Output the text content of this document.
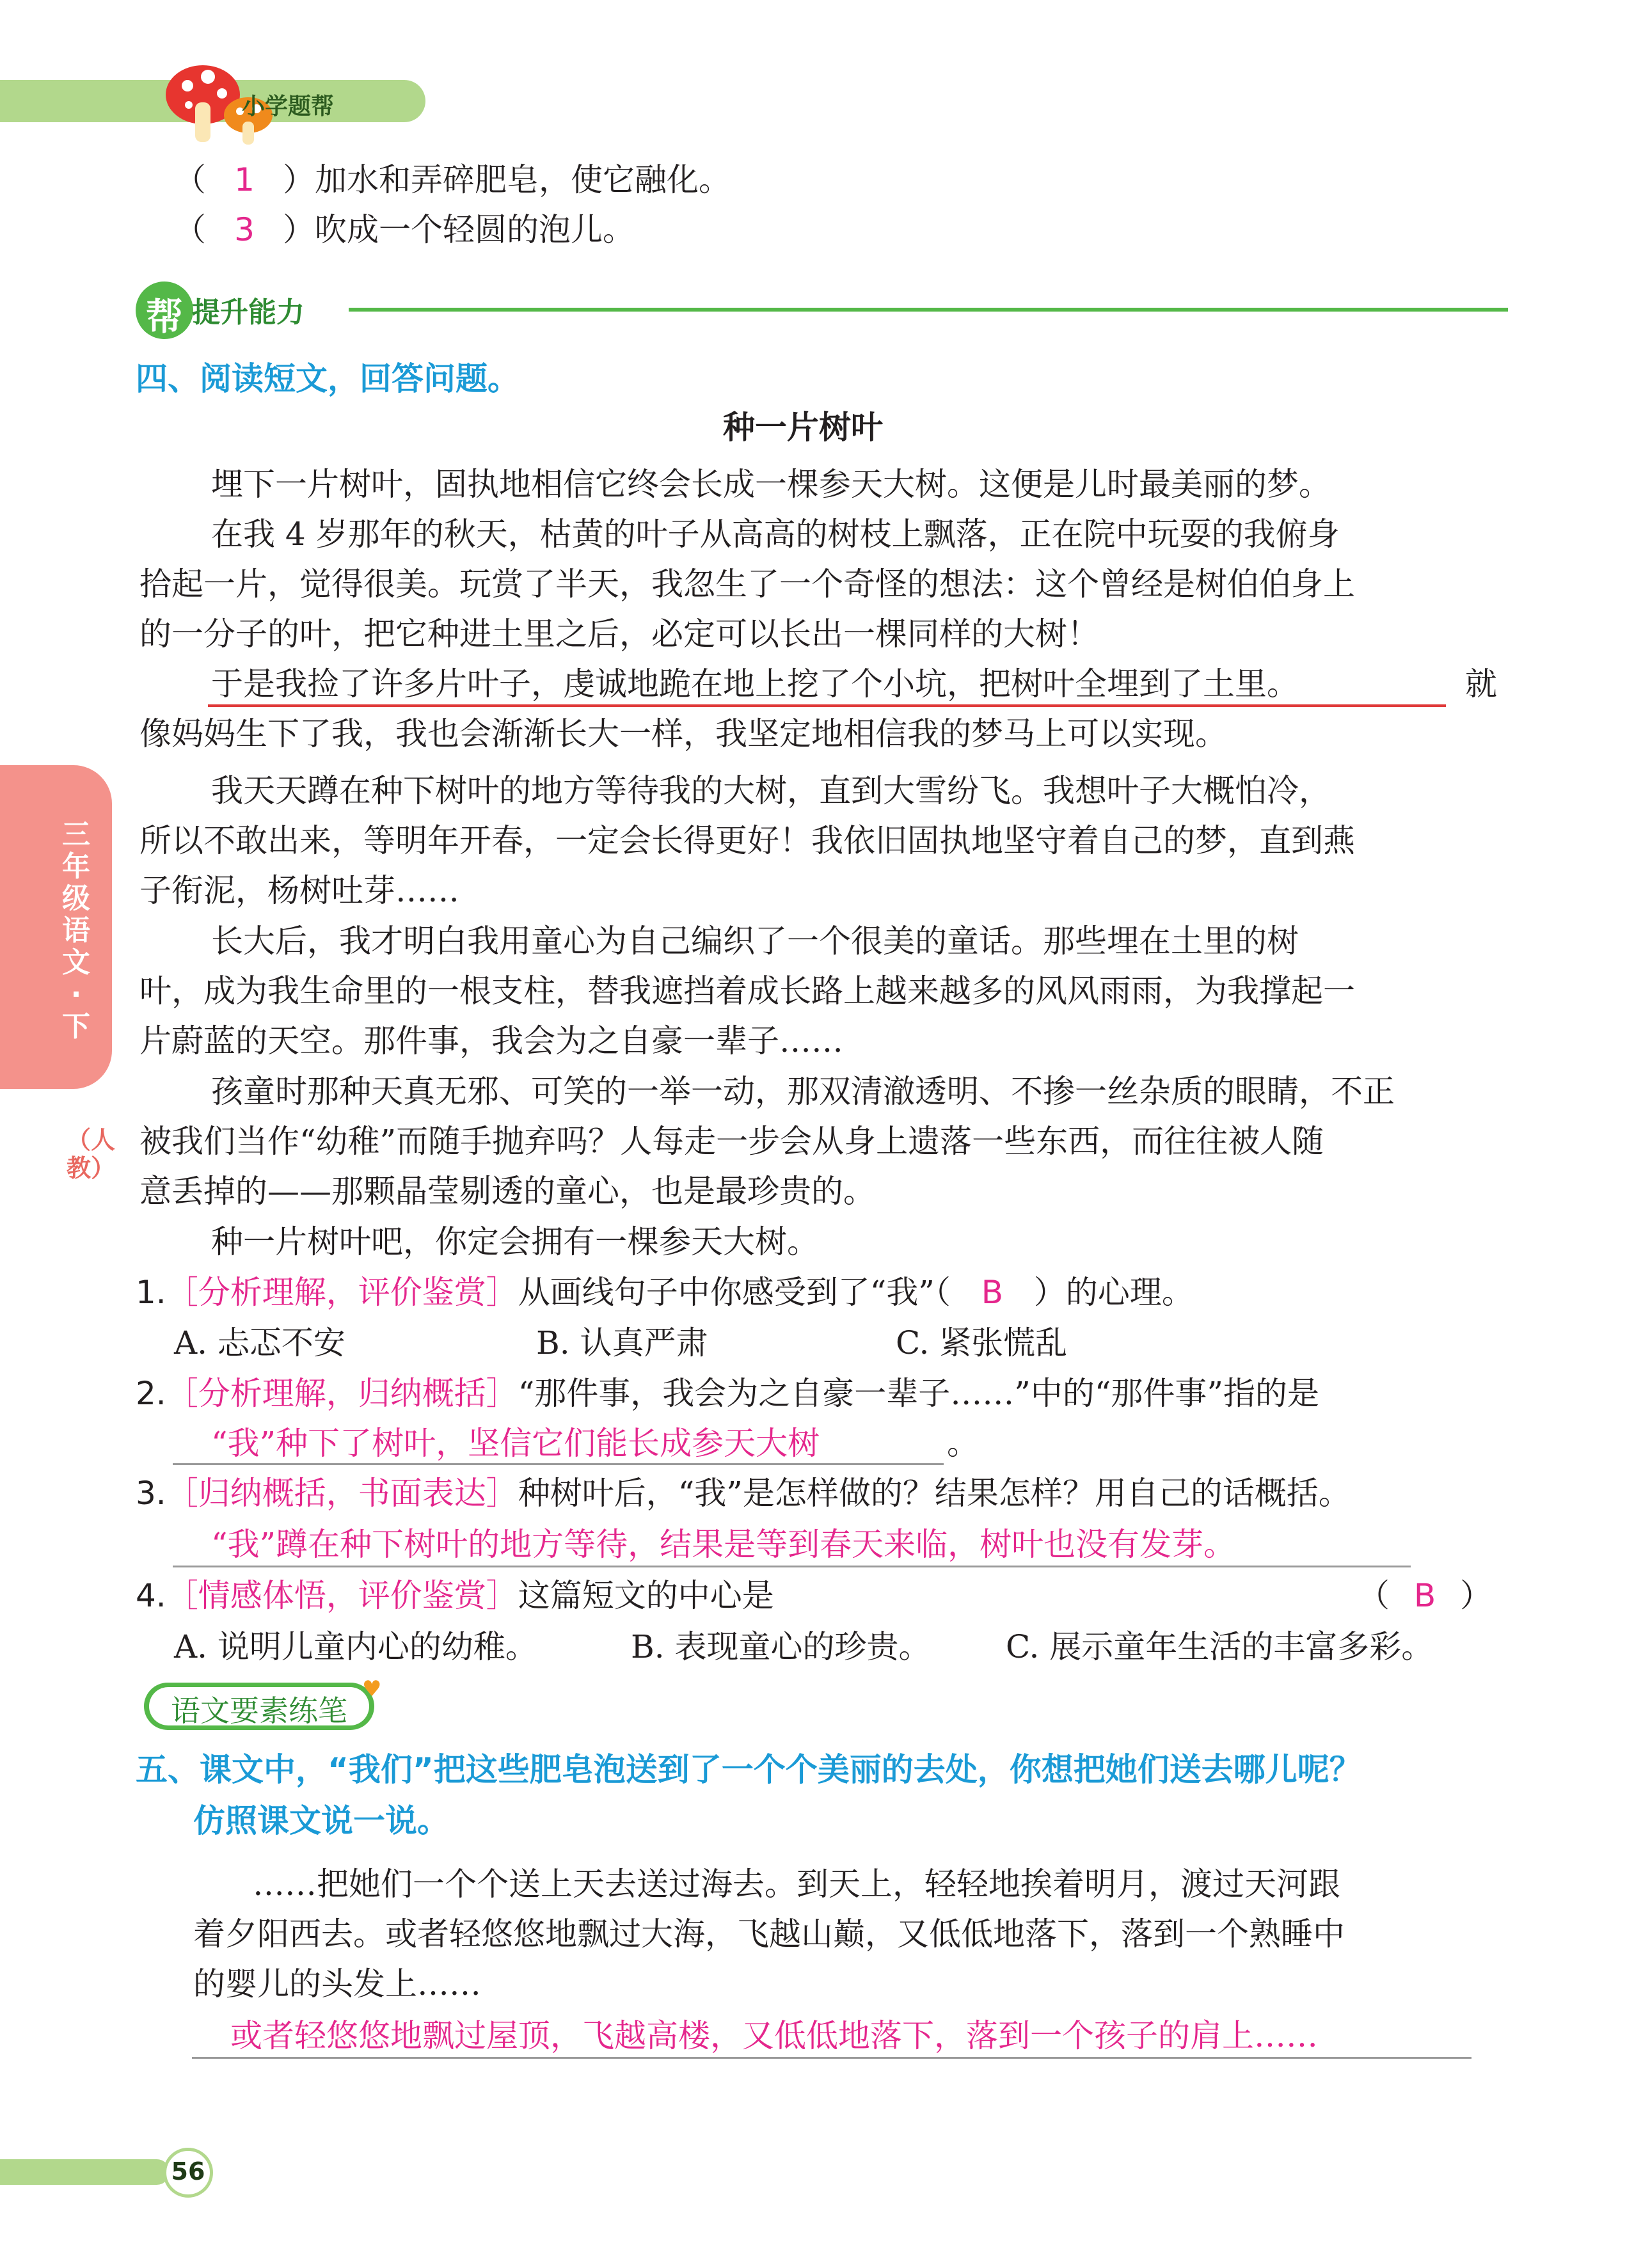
小学题帮
（ 1 ）加水和弄碎肥皂，使它融化。
（ 3 ）吹成一个轻圆的泡儿。
帮 提升能力
四、阅读短文，回答问题。
种一片树叶
埋下一片树叶，固执地相信它终会长成一棵参天大树。这便是儿时最美丽的梦。
在我 4 岁那年的秋天，枯黄的叶子从高高的树枝上飘落，正在院中玩耍的我俯身
拾起一片，觉得很美。玩赏了半天，我忽生了一个奇怪的想法：这个曾经是树伯伯身上
的一分子的叶，把它种进土里之后，必定可以长出一棵同样的大树！
于是我捡了许多片叶子，虔诚地跪在地上挖了个小坑，把树叶全埋到了土里。	就
像妈妈生下了我，我也会渐渐长大一样，我坚定地相信我的梦马上可以实现。
我天天蹲在种下树叶的地方等待我的大树，直到大雪纷飞。我想叶子大概怕冷，
所以不敢出来，等明年开春，一定会长得更好！我依旧固执地坚守着自己的梦，直到燕
子衔泥，杨树吐芽……
长大后，我才明白我用童心为自己编织了一个很美的童话。那些埋在土里的树
叶，成为我生命里的一根支柱，替我遮挡着成长路上越来越多的风风雨雨，为我撑起一
片蔚蓝的天空。那件事，我会为之自豪一辈子……
孩童时那种天真无邪、可笑的一举一动，那双清澈透明、不掺一丝杂质的眼睛，不正
被我们当作“幼稚”而随手抛弃吗？人每走一步会从身上遗落一些东西，而往往被人随
意丢掉的——那颗晶莹剔透的童心，也是最珍贵的。
种一片树叶吧，你定会拥有一棵参天大树。
1.［分析理解，评价鉴赏］从画线句子中你感受到了“我”（ B ）的心理。
A. 忐忑不安	B. 认真严肃	C. 紧张慌乱
2.［分析理解，归纳概括］“那件事，我会为之自豪一辈子……”中的“那件事”指的是
“我”种下了树叶，坚信它们能长成参天大树	。
3.［归纳概括，书面表达］种树叶后，“我”是怎样做的？结果怎样？用自己的话概括。
“我”蹲在种下树叶的地方等待，结果是等到春天来临，树叶也没有发芽。
4.［情感体悟，评价鉴赏］这篇短文的中心是	（ B ）
A. 说明儿童内心的幼稚。	B. 表现童心的珍贵。 C. 展示童年生活的丰富多彩。
语文要素练笔
♥
五、课文中，“我们”把这些肥皂泡送到了一个个美丽的去处，你想把她们送去哪儿呢？
仿照课文说一说。
……把她们一个个送上天去送过海去。到天上，轻轻地挨着明月，渡过天河跟
着夕阳西去。或者轻悠悠地飘过大海，飞越山巅，又低低地落下，落到一个熟睡中
的婴儿的头发上……
或者轻悠悠地飘过屋顶，飞越高楼，又低低地落下，落到一个孩子的肩上……
三年级语文·下
（人教）
56
